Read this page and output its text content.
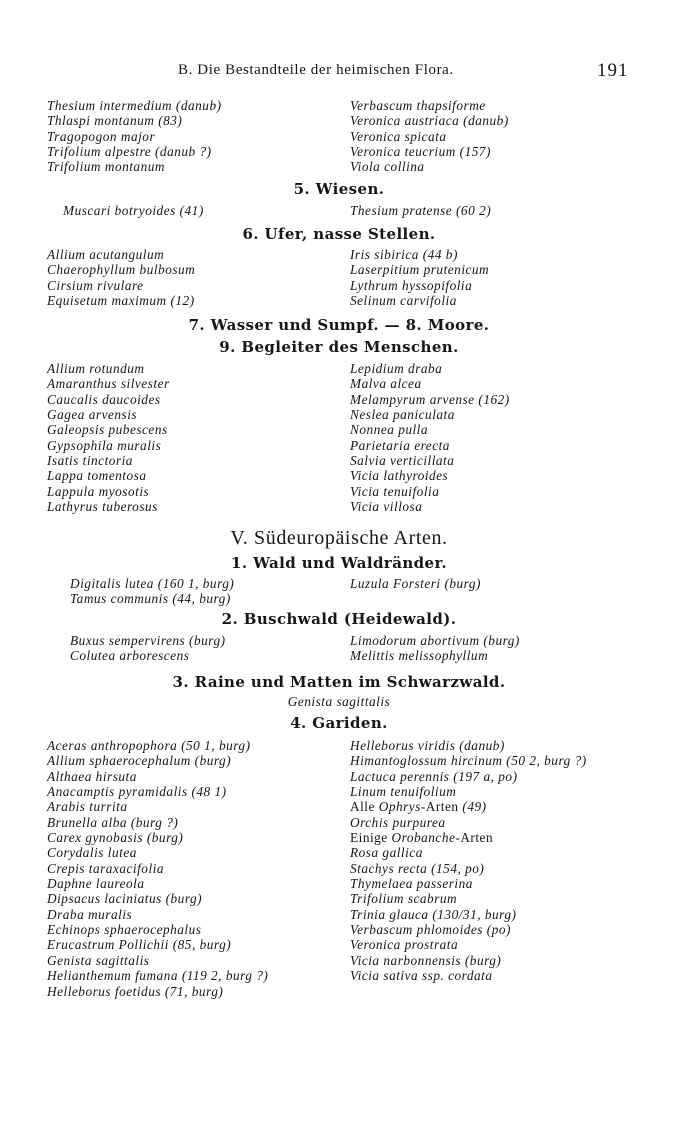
B. Die Bestandteile der heimischen Flora.	191
Thesium intermedium (danub)
Thlaspi montanum (83)
Tragopogon major
Trifolium alpestre (danub ?)
Trifolium montanum
Verbascum thapsiforme
Veronica austriaca (danub)
Veronica spicata
Veronica teucrium (157)
Viola collina
5. Wiesen.
Muscari botryoides (41)	Thesium pratense (60 2)
6. Ufer, nasse Stellen.
Allium acutangulum
Chaerophyllum bulbosum
Cirsium rivulare
Equisetum maximum (12)
Iris sibirica (44 b)
Laserpitium prutenicum
Lythrum hyssopifolia
Selinum carvifolia
7. Wasser und Sumpf. — 8. Moore.
9. Begleiter des Menschen.
Allium rotundum
Amaranthus silvester
Caucalis daucoides
Gagea arvensis
Galeopsis pubescens
Gypsophila muralis
Isatis tinctoria
Lappa tomentosa
Lappula myosotis
Lathyrus tuberosus
Lepidium draba
Malva alcea
Melampyrum arvense (162)
Neslea paniculata
Nonnea pulla
Parietaria erecta
Salvia verticillata
Vicia lathyroides
Vicia tenuifolia
Vicia villosa
V. Südeuropäische Arten.
1. Wald und Waldränder.
Digitalis lutea (160 1, burg)
Tamus communis (44, burg)
Luzula Forsteri (burg)
2. Buschwald (Heidewald).
Buxus sempervirens (burg)
Colutea arborescens
Limodorum abortivum (burg)
Melittis melissophyllum
3. Raine und Matten im Schwarzwald.
Genista sagittalis
4. Gariden.
Aceras anthropophora (50 1, burg)
Allium sphaerocephalum (burg)
Althaea hirsuta
Anacamptis pyramidalis (48 1)
Arabis turrita
Brunella alba (burg ?)
Carex gynobasis (burg)
Corydalis lutea
Crepis taraxacifolia
Daphne laureola
Dipsacus laciniatus (burg)
Draba muralis
Echinops sphaerocephalus
Erucastrum Pollichii (85, burg)
Genista sagittalis
Helianthemum fumana (119 2, burg ?)
Helleborus foetidus (71, burg)
Helleborus viridis (danub)
Himantoglossum hircinum (50 2, burg ?)
Lactuca perennis (197 a, po)
Linum tenuifolium
Alle Ophrys-Arten (49)
Orchis purpurea
Einige Orobanche-Arten
Rosa gallica
Stachys recta (154, po)
Thymelaea passerina
Trifolium scabrum
Trinia glauca (130/31, burg)
Verbascum phlomoides (po)
Veronica prostrata
Vicia narbonnensis (burg)
Vicia sativa ssp. cordata
